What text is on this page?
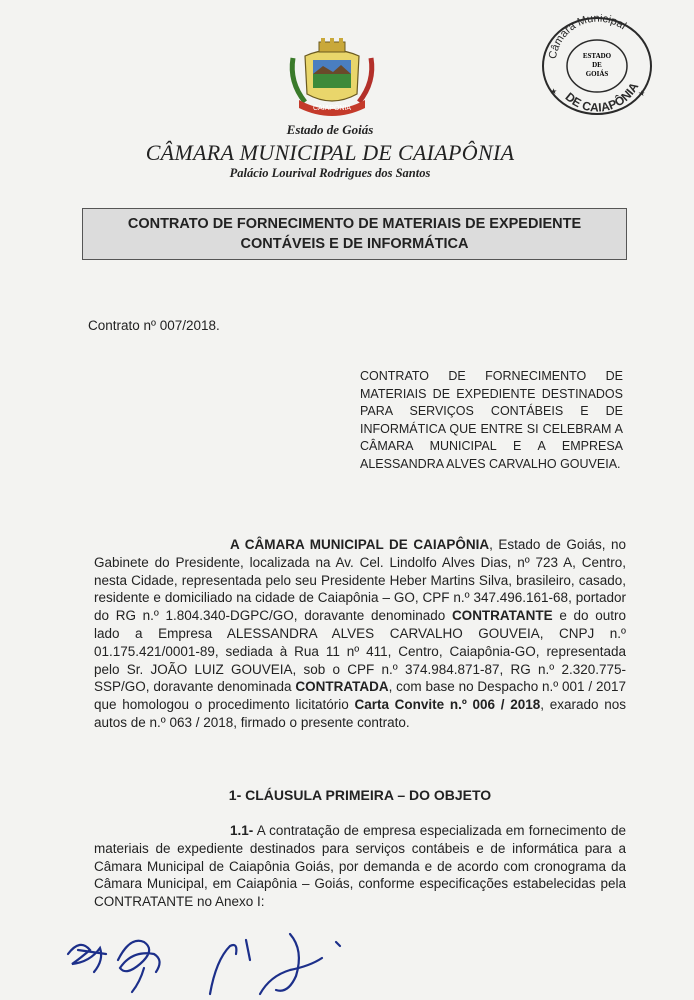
CAIAPÔNIA
Estado de Goiás
CÂMARA MUNICIPAL DE CAIAPÔNIA
Palácio Lourival Rodrigues dos Santos
Câmara Municipal
DE CAIAPÔNIA
ESTADO
DE
GOIÁS
★	★
CONTRATO DE FORNECIMENTO DE MATERIAIS DE EXPEDIENTE
CONTÁVEIS E DE INFORMÁTICA
Contrato nº 007/2018.
CONTRATO DE FORNECIMENTO DE MATERIAIS DE EXPEDIENTE DESTINADOS PARA SERVIÇOS CONTÁBEIS E DE INFORMÁTICA QUE ENTRE SI CELEBRAM A CÂMARA MUNICIPAL E A EMPRESA ALESSANDRA ALVES CARVALHO GOUVEIA.
A CÂMARA MUNICIPAL DE CAIAPÔNIA, Estado de Goiás, no Gabinete do Presidente, localizada na Av. Cel. Lindolfo Alves Dias, nº 723 A, Centro, nesta Cidade, representada pelo seu Presidente Heber Martins Silva, brasileiro, casado, residente e domiciliado na cidade de Caiapônia – GO, CPF n.º 347.496.161-68, portador do RG n.º 1.804.340-DGPC/GO, doravante denominado CONTRATANTE e do outro lado a Empresa ALESSANDRA ALVES CARVALHO GOUVEIA, CNPJ n.º 01.175.421/0001-89, sediada à Rua 11 nº 411, Centro, Caiapônia-GO, representada pelo Sr. JOÃO LUIZ GOUVEIA, sob o CPF n.º 374.984.871-87, RG n.º 2.320.775-SSP/GO, doravante denominada CONTRATADA, com base no Despacho n.º 001 / 2017 que homologou o procedimento licitatório Carta Convite n.º 006 / 2018, exarado nos autos de n.º 063 / 2018, firmado o presente contrato.
1- CLÁUSULA PRIMEIRA – DO OBJETO
1.1- A contratação de empresa especializada em fornecimento de materiais de expediente destinados para serviços contábeis e de informática para a Câmara Municipal de Caiapônia Goiás, por demanda e de acordo com cronograma da Câmara Municipal, em Caiapônia – Goiás, conforme especificações estabelecidas pela CONTRATANTE no Anexo I:
